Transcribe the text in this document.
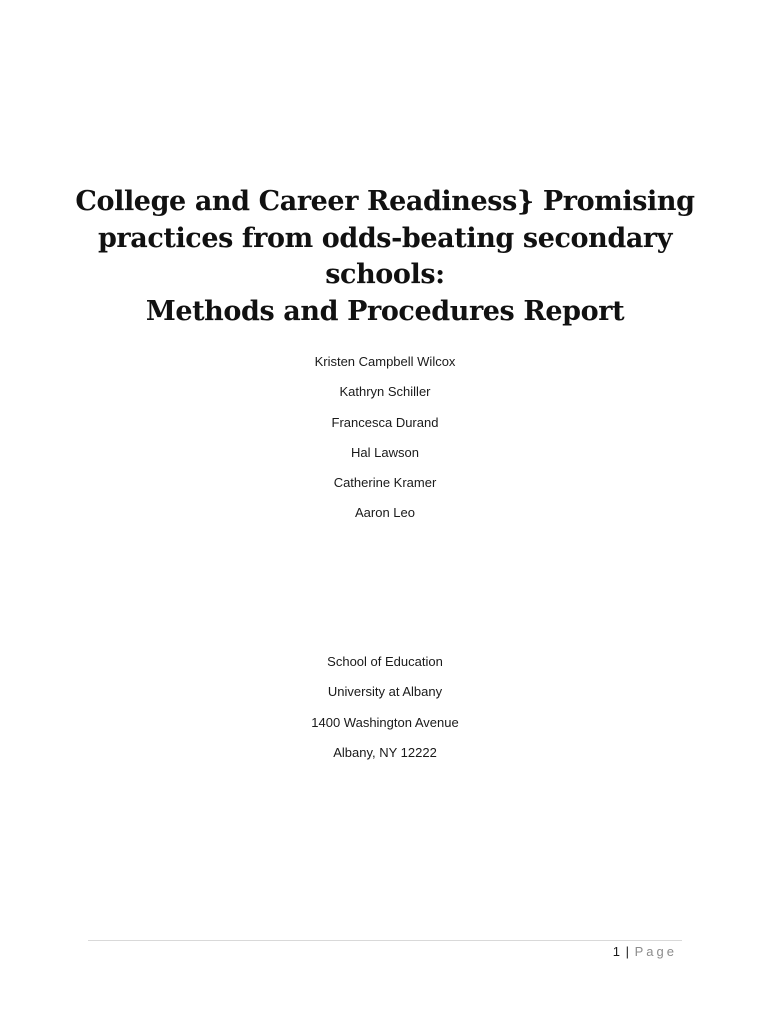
College and Career Readiness} Promising
practices from odds-beating secondary
schools:
Methods and Procedures Report
Kristen Campbell Wilcox
Kathryn Schiller
Francesca Durand
Hal Lawson
Catherine Kramer
Aaron Leo
School of Education
University at Albany
1400 Washington Avenue
Albany, NY 12222
1 | Page
